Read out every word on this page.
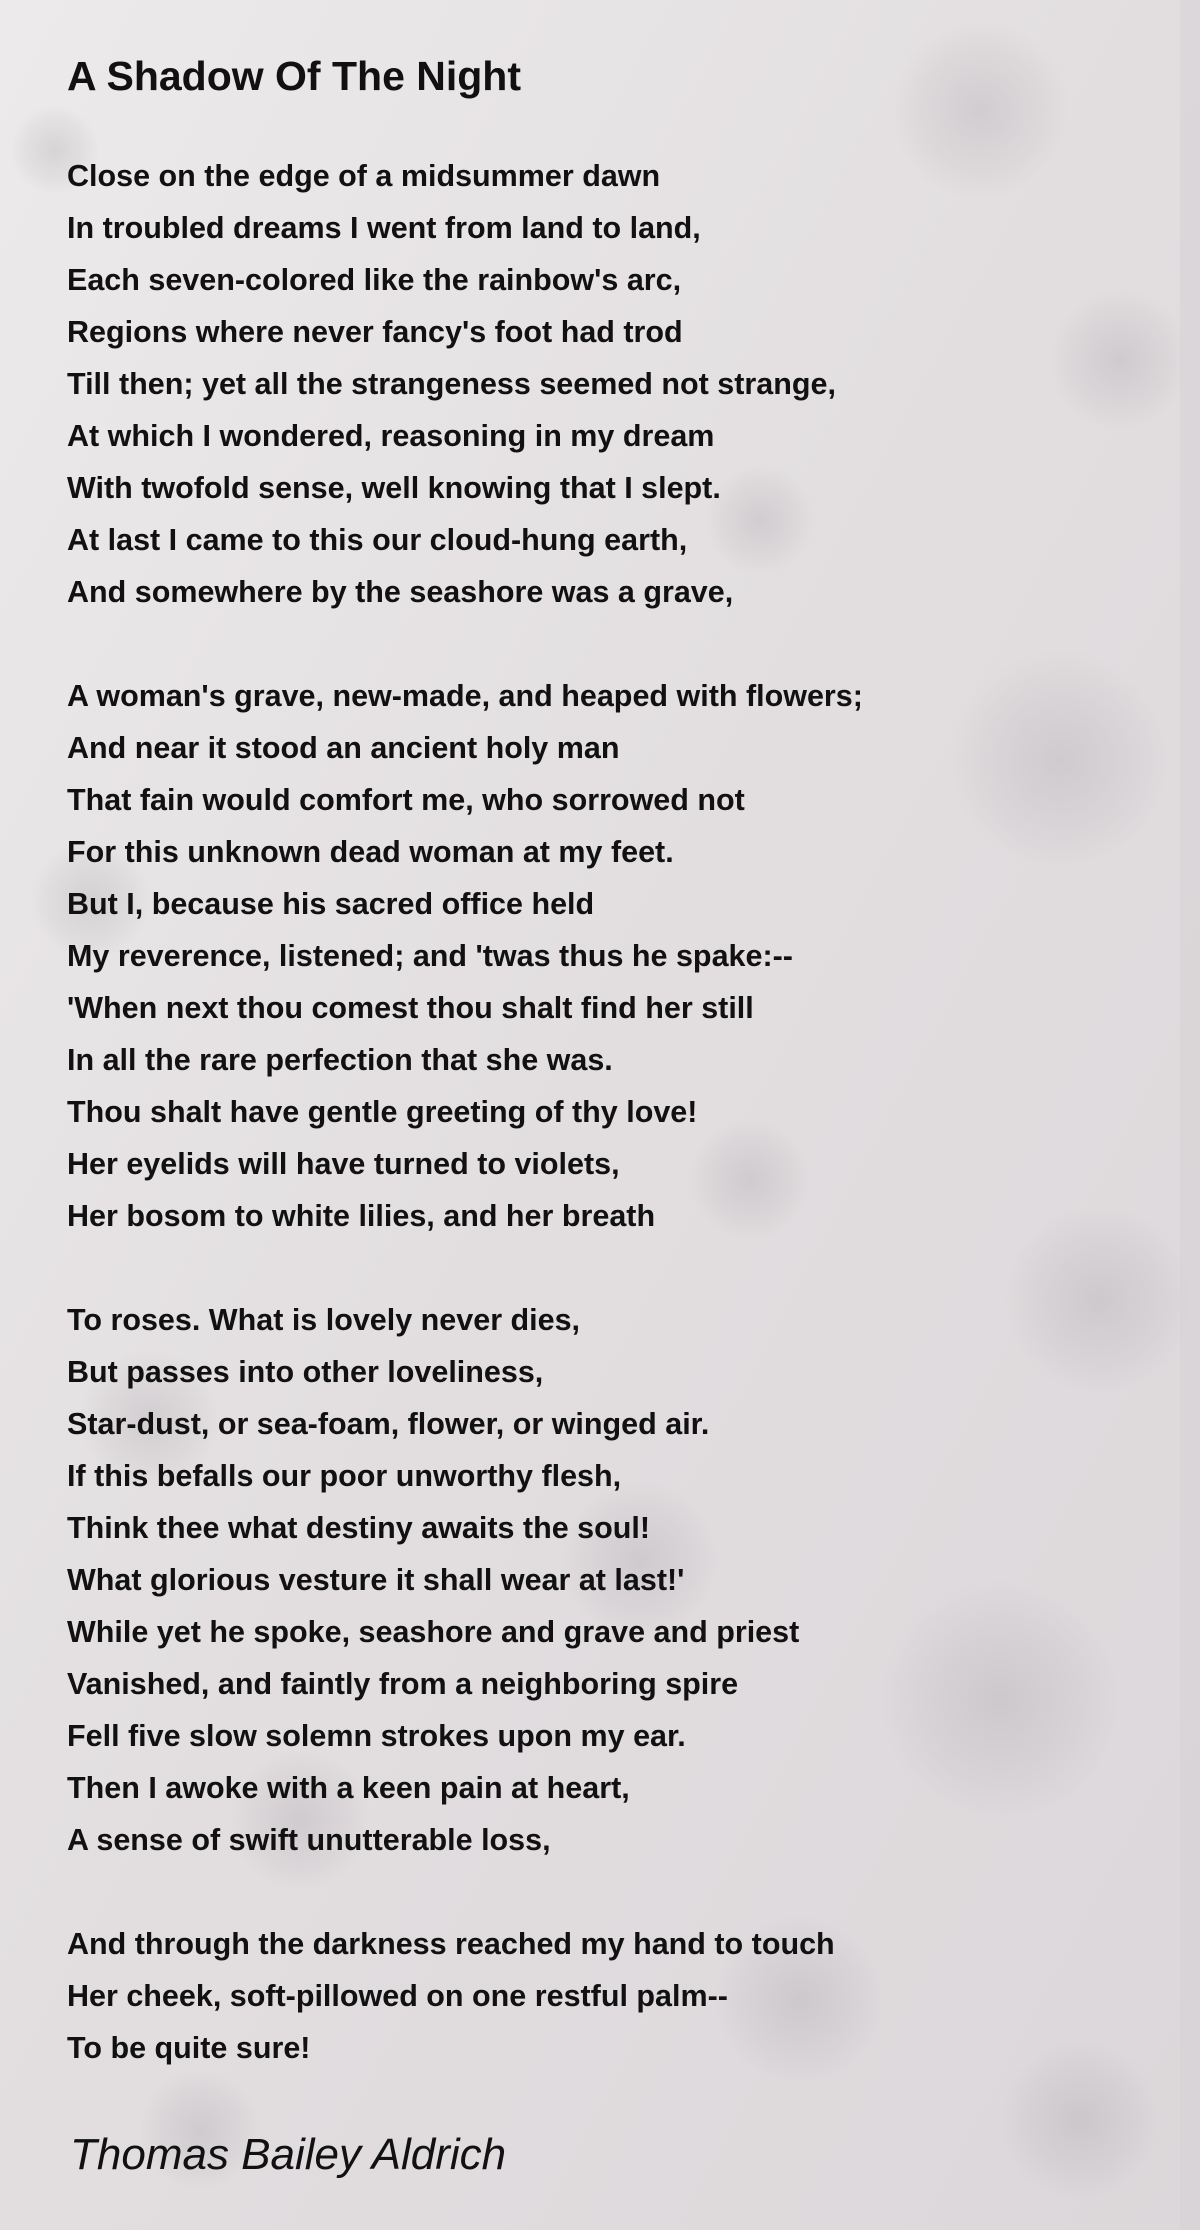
A Shadow Of The Night
Close on the edge of a midsummer dawn
In troubled dreams I went from land to land,
Each seven-colored like the rainbow's arc,
Regions where never fancy's foot had trod
Till then; yet all the strangeness seemed not strange,
At which I wondered, reasoning in my dream
With twofold sense, well knowing that I slept.
At last I came to this our cloud-hung earth,
And somewhere by the seashore was a grave,
A woman's grave, new-made, and heaped with flowers;
And near it stood an ancient holy man
That fain would comfort me, who sorrowed not
For this unknown dead woman at my feet.
But I, because his sacred office held
My reverence, listened; and 'twas thus he spake:--
'When next thou comest thou shalt find her still
In all the rare perfection that she was.
Thou shalt have gentle greeting of thy love!
Her eyelids will have turned to violets,
Her bosom to white lilies, and her breath
To roses. What is lovely never dies,
But passes into other loveliness,
Star-dust, or sea-foam, flower, or winged air.
If this befalls our poor unworthy flesh,
Think thee what destiny awaits the soul!
What glorious vesture it shall wear at last!'
While yet he spoke, seashore and grave and priest
Vanished, and faintly from a neighboring spire
Fell five slow solemn strokes upon my ear.
Then I awoke with a keen pain at heart,
A sense of swift unutterable loss,
And through the darkness reached my hand to touch
Her cheek, soft-pillowed on one restful palm--
To be quite sure!

Thomas Bailey Aldrich
